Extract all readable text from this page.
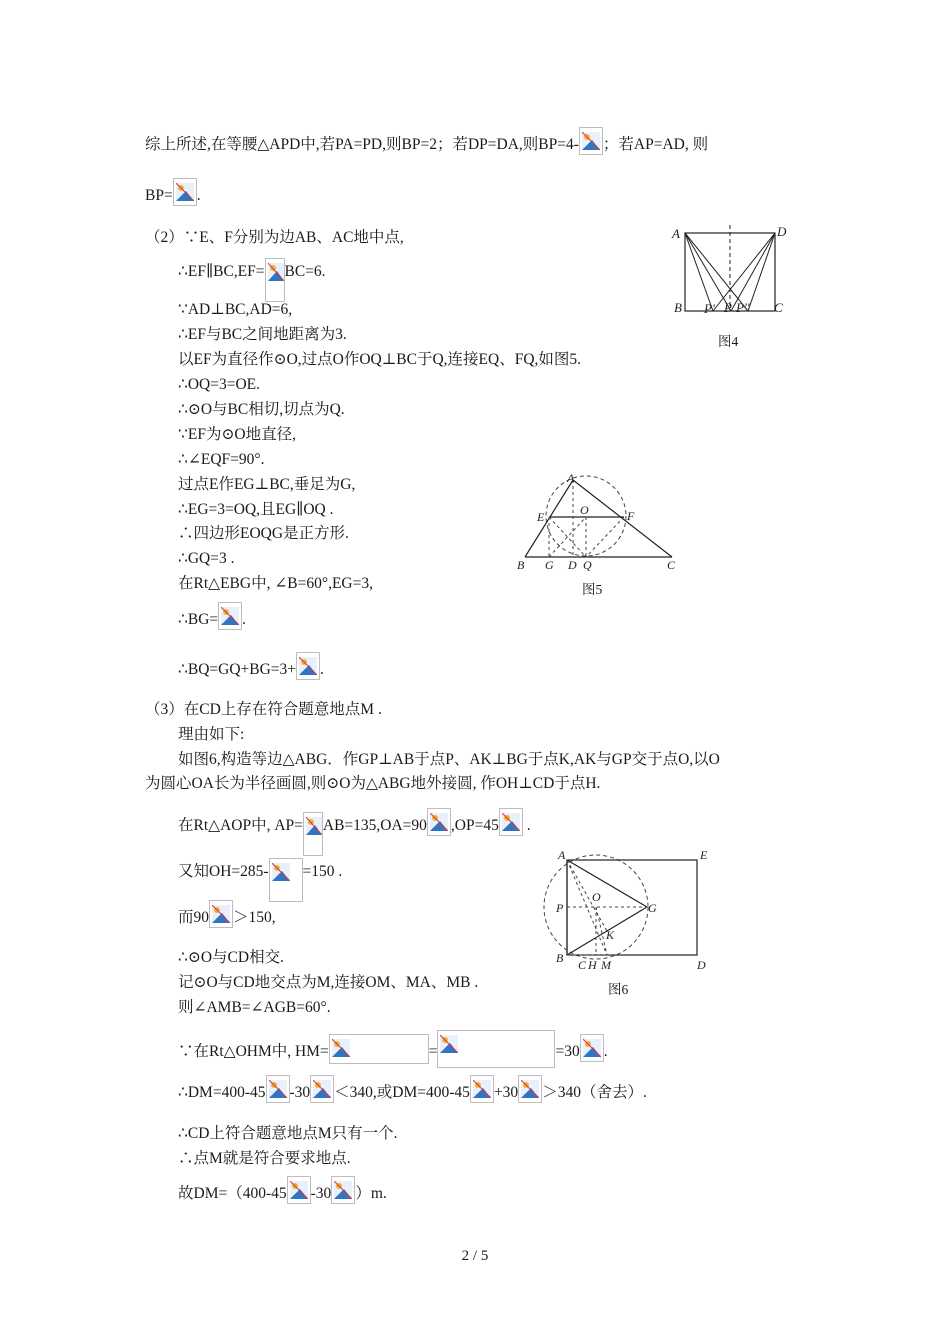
综上所述,在等腰△APD中,若PA=PD,则BP=2；若DP=DA,则BP=4- ；若AP=AD, 则
BP= .
（2）∵E、F分别为边AB、AC地中点,
∴EF∥BC,EF= BC=6.
∵AD⊥BC,AD=6,
∴EF与BC之间地距离为3.
以EF为直径作⊙O,过点O作OQ⊥BC于Q,连接EQ、FQ,如图5.
∴OQ=3=OE.
∴⊙O与BC相切,切点为Q.
∵EF为⊙O地直径,
∴∠EQF=90°.
过点E作EG⊥BC,垂足为G,
∴EG=3=OQ,且EG∥OQ .
∴四边形EOQG是正方形.
∴GQ=3 .
在Rt△EBG中, ∠B=60°,EG=3,
∴BG= .
∴BQ=GQ+BG=3+ .
（3）在CD上存在符合题意地点M .
理由如下:
如图6,构造等边△ABG．作GP⊥AB于点P、AK⊥BG于点K,AK与GP交于点O,以O
为圆心OA长为半径画圆,则⊙O为△ABG地外接圆, 作OH⊥CD于点H.
在Rt△AOP中, AP= AB=135,OA=90 ,OP=45
.
又知OH=285- =150 .
而90 ＞150,
∴⊙O与CD相交.
记⊙O与CD地交点为M,连接OM、MA、MB .
则∠AMB=∠AGB=60°.
∵在Rt△OHM中, HM=	=	=30 .
∴DM=400-45 -30 ＜340,或DM=400-45 +30 ＞340（舍去）.
∴CD上符合题意地点M只有一个.
∴点M就是符合要求地点.
故DM=（400-45 -30 ）m.
A	D
B P' P P'' C
图4
A
E	O	F
B G D Q	C
图5
A	E
O
P	G
K
B C H M	D
图6
2 / 5
